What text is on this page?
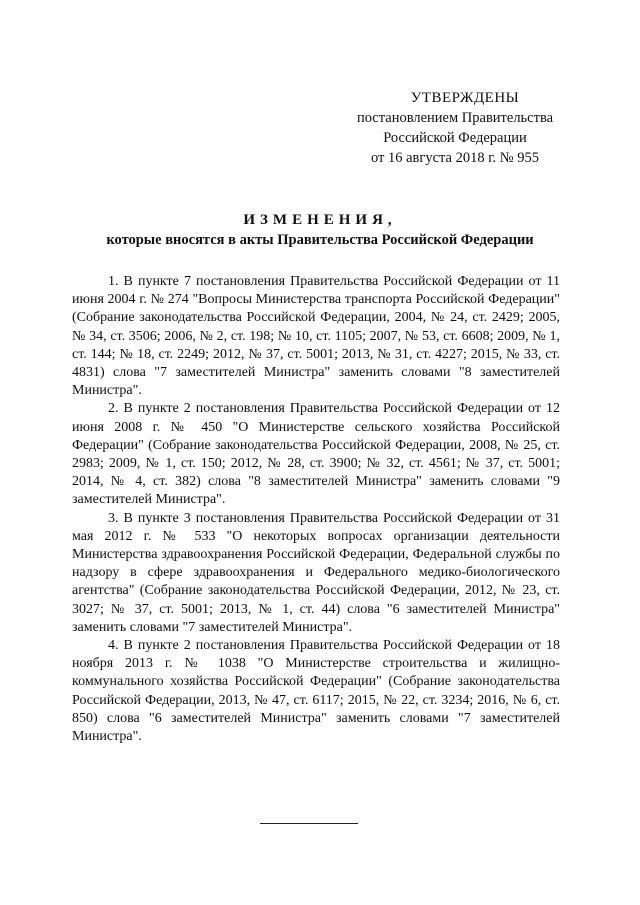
УТВЕРЖДЕНЫ
постановлением Правительства
Российской Федерации
от 16 августа 2018 г. № 955
ИЗМЕНЕНИЯ,
которые вносятся в акты Правительства Российской Федерации

1. В пункте 7 постановления Правительства Российской Федерации от 11 июня 2004 г. № 274 "Вопросы Министерства транспорта Российской Федерации" (Собрание законодательства Российской Федерации, 2004, № 24, ст. 2429; 2005, № 34, ст. 3506; 2006, № 2, ст. 198; № 10, ст. 1105; 2007, № 53, ст. 6608; 2009, № 1, ст. 144; № 18, ст. 2249; 2012, № 37, ст. 5001; 2013, № 31, ст. 4227; 2015, № 33, ст. 4831) слова "7 заместителей Министра" заменить словами "8 заместителей Министра".

2. В пункте 2 постановления Правительства Российской Федерации от 12 июня 2008 г. № 450 "О Министерстве сельского хозяйства Российской Федерации" (Собрание законодательства Российской Федерации, 2008, № 25, ст. 2983; 2009, № 1, ст. 150; 2012, № 28, ст. 3900; № 32, ст. 4561; № 37, ст. 5001; 2014, № 4, ст. 382) слова "8 заместителей Министра" заменить словами "9 заместителей Министра".

3. В пункте 3 постановления Правительства Российской Федерации от 31 мая 2012 г. № 533 "О некоторых вопросах организации деятельности Министерства здравоохранения Российской Федерации, Федеральной службы по надзору в сфере здравоохранения и Федерального медико-биологического агентства" (Собрание законодательства Российской Федерации, 2012, № 23, ст. 3027; № 37, ст. 5001; 2013, № 1, ст. 44) слова "6 заместителей Министра" заменить словами "7 заместителей Министра".

4. В пункте 2 постановления Правительства Российской Федерации от 18 ноября 2013 г. № 1038 "О Министерстве строительства и жилищно-коммунального хозяйства Российской Федерации" (Собрание законодательства Российской Федерации, 2013, № 47, ст. 6117; 2015, № 22, ст. 3234; 2016, № 6, ст. 850) слова "6 заместителей Министра" заменить словами "7 заместителей Министра".
